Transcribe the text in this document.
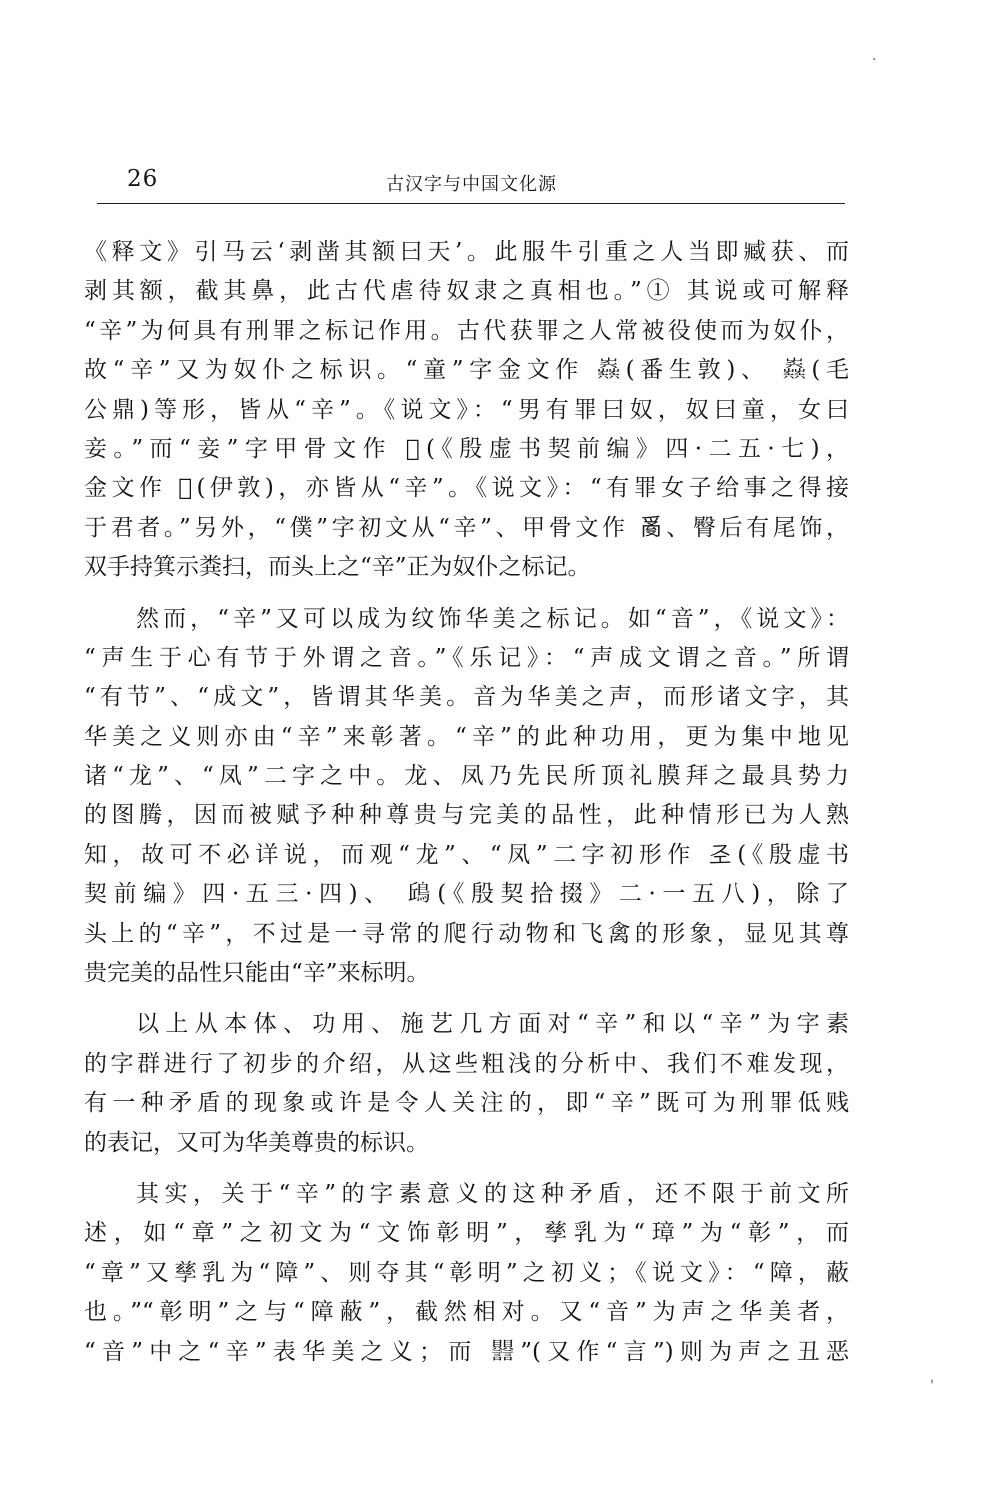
26	古汉字与中国文化源
《释文》引马云‘剥凿其额曰天’。此服牛引重之人当即臧获、而
剥其额，截其鼻，此古代虐待奴隶之真相也。”① 其说或可解释
“辛”为何具有刑罪之标记作用。古代获罪之人常被役使而为奴仆，
故“辛”又为奴仆之标识。“童”字金文作 𡴫(番生敦)、 𡴫(毛
公鼎)等形，皆从“辛”。《说文》：“男有罪曰奴，奴曰童，女曰
妾。”而“妾”字甲骨文作 𡚪(《殷虚书契前编》四·二五·七)，
金文作 𡚪(伊敦)，亦皆从“辛”。《说文》：“有罪女子给事之得接
于君者。”另外，“僕”字初文从“辛”、甲骨文作 𤔔、臀后有尾饰，
双手持箕示粪扫，而头上之“辛”正为奴仆之标记。
然而，“辛”又可以成为纹饰华美之标记。如“音”，《说文》：
“声生于心有节于外谓之音。”《乐记》：“声成文谓之音。”所谓
“有节”、“成文”，皆谓其华美。音为华美之声，而形诸文字，其
华美之义则亦由“辛”来彰著。“辛”的此种功用，更为集中地见
诸“龙”、“凤”二字之中。龙、凤乃先民所顶礼膜拜之最具势力
的图腾，因而被赋予种种尊贵与完美的品性，此种情形已为人熟
知，故可不必详说，而观“龙”、“凤”二字初形作 𢀖(《殷虚书
契前编》四·五三·四)、 𩿨(《殷契拾掇》二·一五八)，除了
头上的“辛”，不过是一寻常的爬行动物和飞禽的形象，显见其尊
贵完美的品性只能由“辛”来标明。
以上从本体、功用、施艺几方面对“辛”和以“辛”为字素
的字群进行了初步的介绍，从这些粗浅的分析中、我们不难发现，
有一种矛盾的现象或许是令人关注的，即“辛”既可为刑罪低贱
的表记，又可为华美尊贵的标识。
其实，关于“辛”的字素意义的这种矛盾，还不限于前文所
述，如“章”之初文为“文饰彰明”，孳乳为“璋”为“彰”，而
“章”又孳乳为“障”、则夺其“彰明”之初义；《说文》：“障，蔽
也。”“彰明”之与“障蔽”，截然相对。又“音”为声之华美者，
“音”中之“辛”表华美之义；而 𧮣”(又作“言”)则为声之丑恶
·
'
